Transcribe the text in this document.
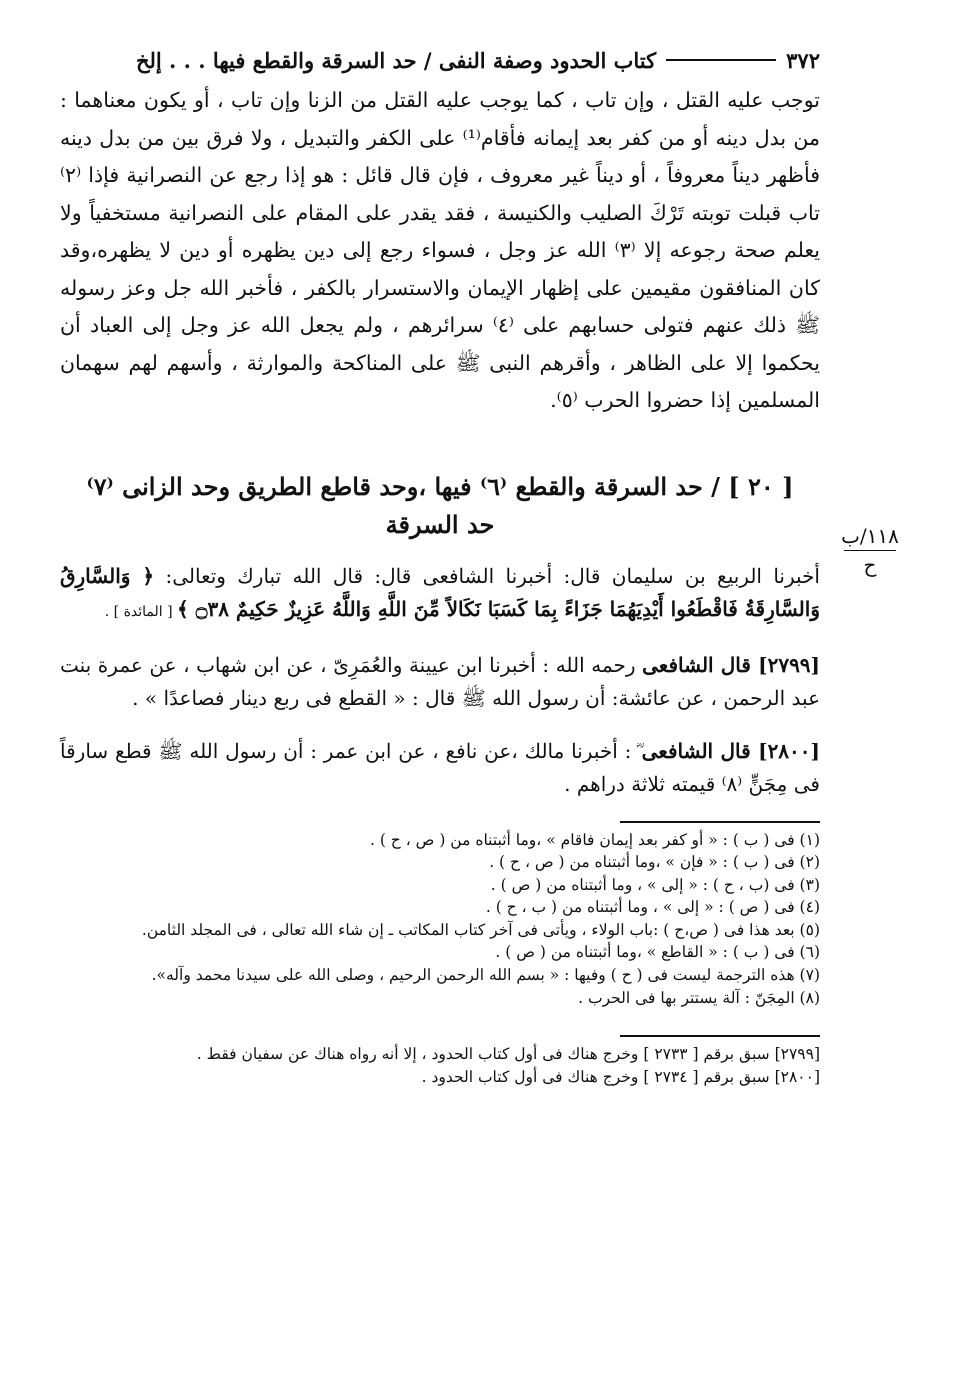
٣٧٢
كتاب الحدود وصفة النفى / حد السرقة والقطع فيها . . . إلخ

توجب عليه القتل ، وإن تاب ، كما يوجب عليه القتل من الزنا وإن تاب ، أو يكون معناهما : من بدل دينه أو من كفر بعد إيمانه فأقام⁽¹⁾ على الكفر والتبديل ، ولا فرق بين من بدل دينه فأظهر ديناً معروفاً ، أو ديناً غير معروف ، فإن قال قائل : هو إذا رجع عن النصرانية فإذا ⁽٢⁾ تاب قبلت توبته تَرْكَ الصليب والكنيسة ، فقد يقدر على المقام على النصرانية مستخفياً ولا يعلم صحة رجوعه إلا ⁽٣⁾ الله عز وجل ، فسواء رجع إلى دين يظهره أو دين لا يظهره،وقد كان المنافقون مقيمين على إظهار الإيمان والاستسرار بالكفر ، فأخبر الله جل وعز رسوله ﷺ ذلك عنهم فتولى حسابهم على ⁽٤⁾ سرائرهم ، ولم يجعل الله عز وجل إلى العباد أن يحكموا إلا على الظاهر ، وأقرهم النبى ﷺ على المناكحة والموارثة ، وأسهم لهم سهمان المسلمين إذا حضروا الحرب ⁽٥⁾.

[ ٢٠ ] / حد السرقة والقطع ⁽٦⁾ فيها ،وحد قاطع الطريق وحد الزانى ⁽٧⁾
حد السرقة

أخبرنا الربيع بن سليمان قال: أخبرنا الشافعى قال: قال الله تبارك وتعالى: ﴿ وَالسَّارِقُ وَالسَّارِقَةُ فَاقْطَعُوا أَيْدِيَهُمَا جَزَاءً بِمَا كَسَبَا نَكَالاً مِّنَ اللَّهِ وَاللَّهُ عَزِيزٌ حَكِيمٌ ۝٣٨ ﴾ [ المائدة ] .

[٢٧٩٩] قال الشافعى رحمه الله : أخبرنا ابن عيينة والعُمَرِىّ ، عن ابن شهاب ، عن عمرة بنت عبد الرحمن ، عن عائشة: أن رسول الله ﷺ قال : « القطع فى ربع دينار فصاعدًا » .

[٢٨٠٠] قال الشافعى ؓ : أخبرنا مالك ،عن نافع ، عن ابن عمر : أن رسول الله ﷺ قطع سارقاً فى مِجَنٍّ ⁽٨⁾ قيمته ثلاثة دراهم .

(١) فى ( ب ) : « أو كفر بعد إيمان فاقام » ،وما أثبتناه من ( ص ، ح ) .

(٢) فى ( ب ) : « فإن » ،وما أثبتناه من ( ص ، ح ) .

(٣) فى (ب ، ح ) : « إلى » ، وما أثبتناه من ( ص ) .

(٤) فى ( ص ) : « إلى » ، وما أثبتناه من ( ب ، ح ) .

(٥) بعد هذا فى ( ص،ح ) :باب الولاء ، ويأتى فى آخر كتاب المكاتب ـ إن شاء الله تعالى ، فى المجلد الثامن.

(٦) فى ( ب ) : « القاطع » ،وما أثبتناه من ( ص ) .

(٧) هذه الترجمة ليست فى ( ح ) وفيها : « بسم الله الرحمن الرحيم ، وصلى الله على سيدنا محمد وآله».

(٨) المِجَنّ : آلة يستتر بها فى الحرب .

[٢٧٩٩] سبق برقم [ ٢٧٣٣ ] وخرج هناك فى أول كتاب الحدود ، إلا أنه رواه هناك عن سفيان فقط .

[٢٨٠٠] سبق برقم [ ٢٧٣٤ ] وخرج هناك فى أول كتاب الحدود .

١١٨/ب
ح
